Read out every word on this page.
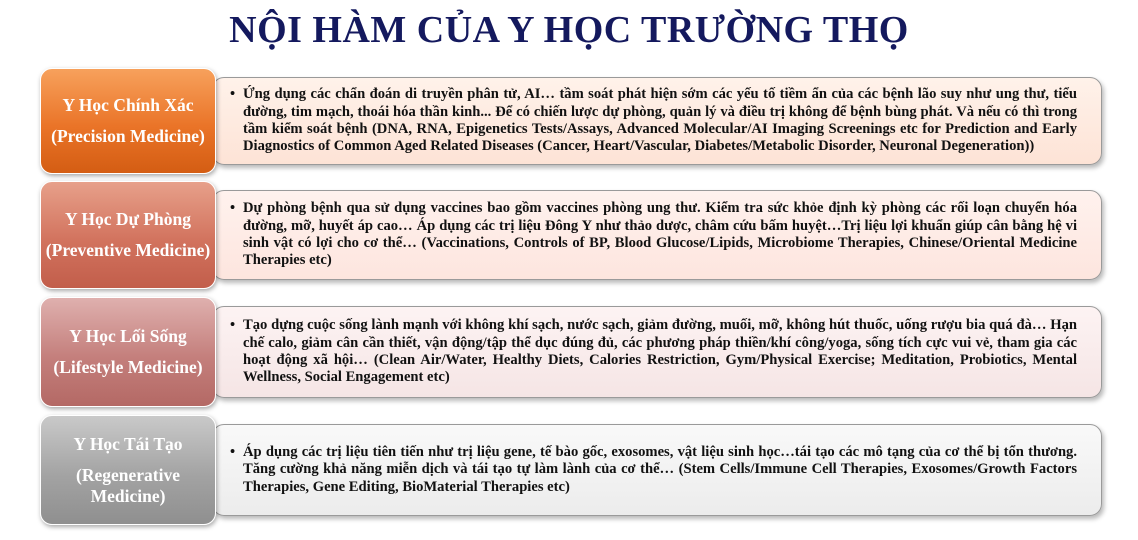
NỘI HÀM CỦA Y HỌC TRƯỜNG THỌ
• Ứng dụng các chẩn đoán di truyền phân tử, AI… tầm soát phát hiện sớm các yếu tố tiềm ẩn của các bệnh lão suy như ung thư, tiểu đường, tim mạch, thoái hóa thần kinh... Để có chiến lược dự phòng, quản lý và điều trị không để bệnh bùng phát. Và nếu có thì trong tầm kiểm soát bệnh (DNA, RNA, Epigenetics Tests/Assays, Advanced Molecular/AI Imaging Screenings etc for Prediction and Early Diagnostics of Common Aged Related Diseases (Cancer, Heart/Vascular, Diabetes/Metabolic Disorder, Neuronal Degeneration))
Y Học Chính Xác
(Precision Medicine)
• Dự phòng bệnh qua sử dụng vaccines bao gồm vaccines phòng ung thư. Kiểm tra sức khỏe định kỳ phòng các rối loạn chuyển hóa đường, mỡ, huyết áp cao… Áp dụng các trị liệu Đông Y như thảo dược, châm cứu bấm huyệt…Trị liệu lợi khuẩn giúp cân bằng hệ vi sinh vật có lợi cho cơ thể… (Vaccinations, Controls of BP, Blood Glucose/Lipids, Microbiome Therapies, Chinese/Oriental Medicine Therapies etc)
Y Học Dự Phòng
(Preventive Medicine)
• Tạo dựng cuộc sống lành mạnh với không khí sạch, nước sạch, giảm đường, muối, mỡ, không hút thuốc, uống rượu bia quá đà… Hạn chế calo, giảm cân cần thiết, vận động/tập thể dục đúng đủ, các phương pháp thiền/khí công/yoga, sống tích cực vui vẻ, tham gia các hoạt động xã hội… (Clean Air/Water, Healthy Diets, Calories Restriction, Gym/Physical Exercise; Meditation, Probiotics, Mental Wellness, Social Engagement etc)
Y Học Lối Sống
(Lifestyle Medicine)
• Áp dụng các trị liệu tiên tiến như trị liệu gene, tế bào gốc, exosomes, vật liệu sinh học…tái tạo các mô tạng của cơ thể bị tổn thương. Tăng cường khả năng miễn dịch và tái tạo tự làm lành của cơ thể… (Stem Cells/Immune Cell Therapies, Exosomes/Growth Factors Therapies, Gene Editing, BioMaterial Therapies etc)
Y Học Tái Tạo
(Regenerative Medicine)
